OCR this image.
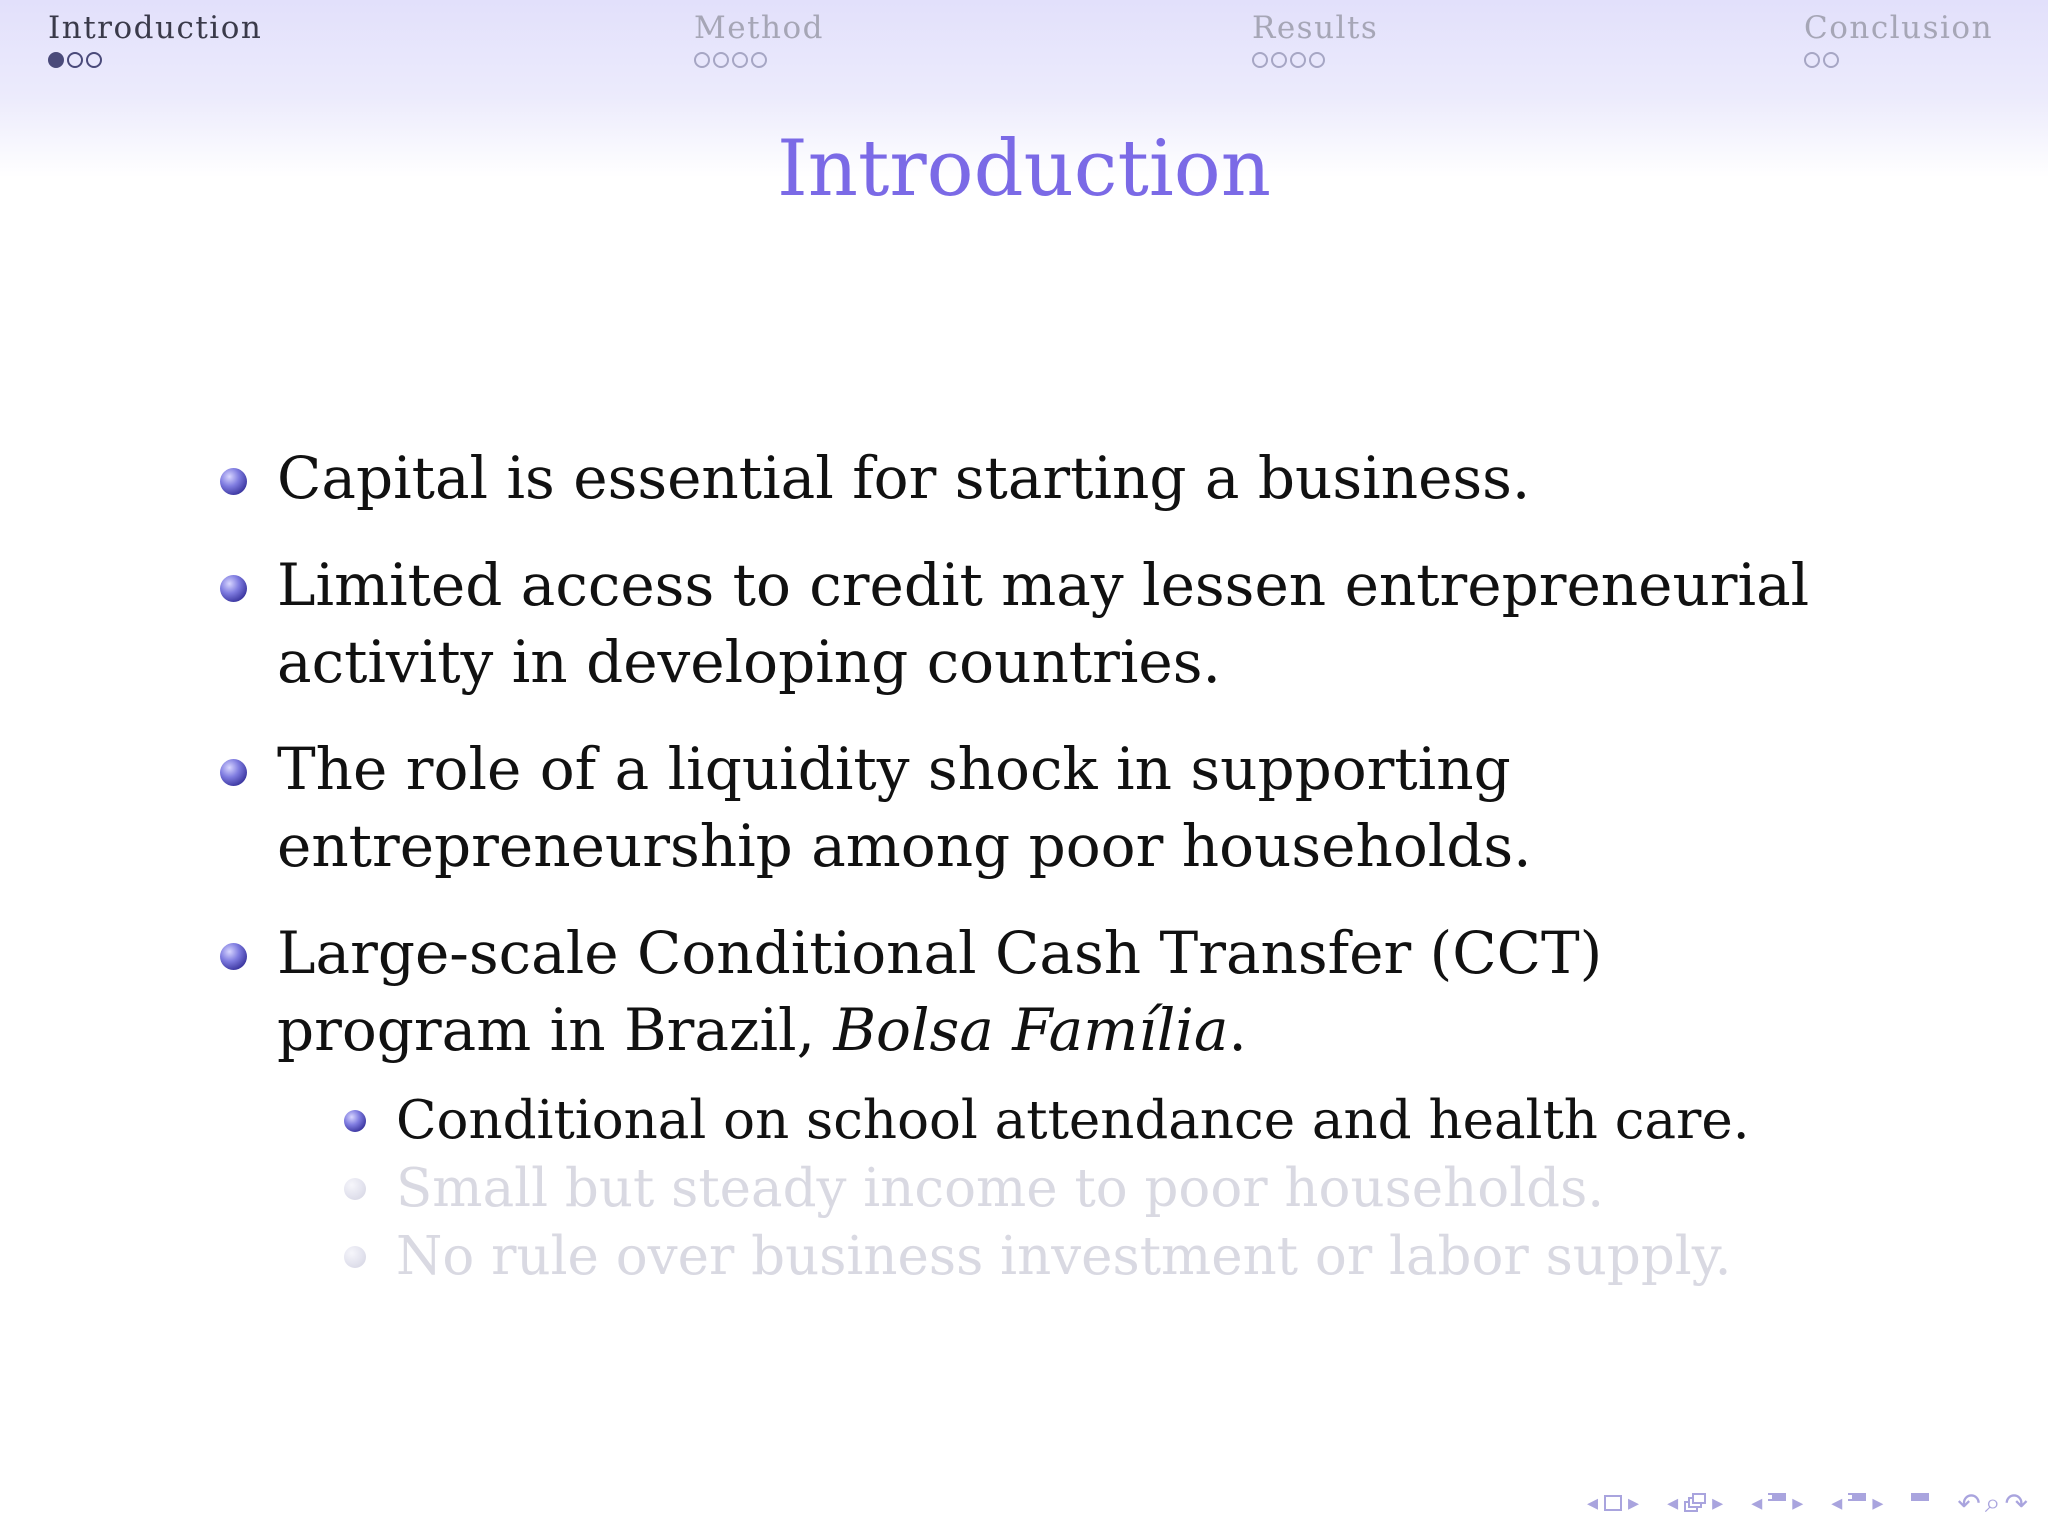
Introduction	Method	Results	Conclusion
Introduction
Capital is essential for starting a business.
Limited access to credit may lessen entrepreneurial activity in developing countries.
The role of a liquidity shock in supporting entrepreneurship among poor households.
Large-scale Conditional Cash Transfer (CCT) program in Brazil, Bolsa Família.
Conditional on school attendance and health care.
Small but steady income to poor households.
No rule over business investment or labor supply.
◂ ▸ ◂ ▸ ◂ ▸ ◂ ▸	↶ ⌕ ↷
